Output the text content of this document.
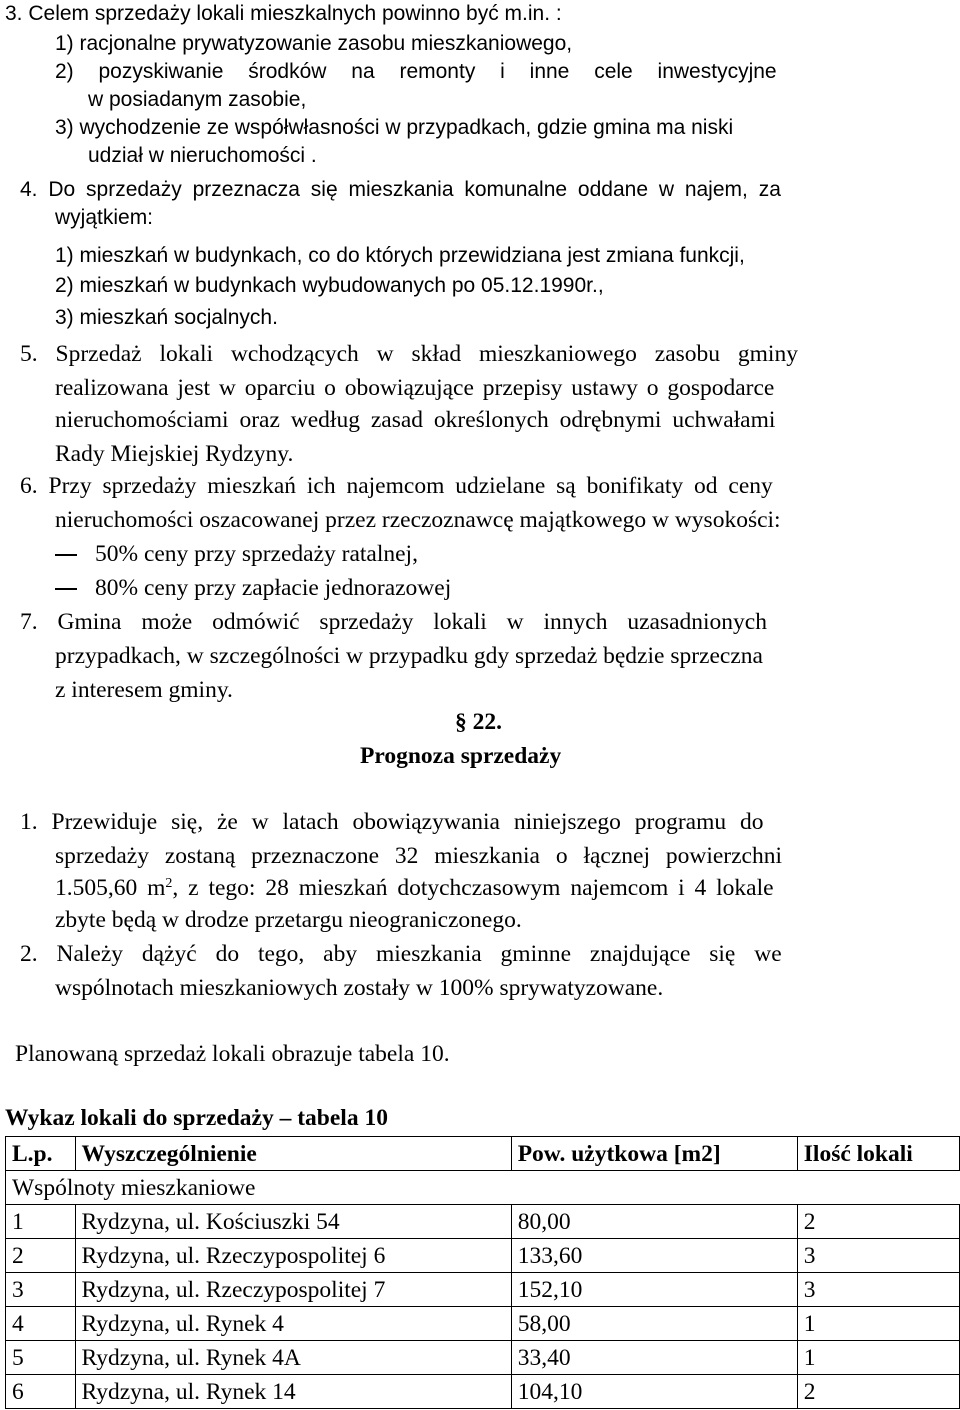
3. Celem sprzedaży lokali mieszkalnych powinno być m.in. :
1) racjonalne prywatyzowanie zasobu mieszkaniowego,
2) pozyskiwanie środków na remonty i inne cele inwestycyjne
w posiadanym zasobie,
3) wychodzenie ze współwłasności w przypadkach, gdzie gmina ma niski
udział w nieruchomości .
4. Do sprzedaży przeznacza się mieszkania komunalne oddane w najem, za
wyjątkiem:
1) mieszkań w budynkach, co do których przewidziana jest zmiana funkcji,
2) mieszkań w budynkach wybudowanych po 05.12.1990r.,
3) mieszkań socjalnych.
5. Sprzedaż lokali wchodzących w skład mieszkaniowego zasobu gminy
realizowana jest w oparciu o obowiązujące przepisy ustawy o gospodarce
nieruchomościami oraz według zasad określonych odrębnymi uchwałami
Rady Miejskiej Rydzyny.
6. Przy sprzedaży mieszkań ich najemcom udzielane są bonifikaty od ceny
nieruchomości oszacowanej przez rzeczoznawcę majątkowego w wysokości:
50% ceny przy sprzedaży ratalnej,
80% ceny przy zapłacie jednorazowej
7. Gmina może odmówić sprzedaży lokali w innych uzasadnionych
przypadkach, w szczególności w przypadku gdy sprzedaż będzie sprzeczna
z interesem gminy.
§ 22.
Prognoza sprzedaży
1. Przewiduje się, że w latach obowiązywania niniejszego programu do
sprzedaży zostaną przeznaczone 32 mieszkania o łącznej powierzchni
1.505,60 $m^2$, z tego: 28 mieszkań dotychczasowym najemcom i 4 lokale
zbyte będą w drodze przetargu nieograniczonego.
2. Należy dążyć do tego, aby mieszkania gminne znajdujące się we
wspólnotach mieszkaniowych zostały w 100% sprywatyzowane.
Planowaną sprzedaż lokali obrazuje tabela 10.
Wykaz lokali do sprzedaży – tabela 10
L.p.	Wyszczególnienie	Pow. użytkowa [m2]	Ilość lokali
Wspólnoty mieszkaniowe			
1	Rydzyna, ul. Kościuszki 54	80,00	2
2	Rydzyna, ul. Rzeczypospolitej 6	133,60	3
3	Rydzyna, ul. Rzeczypospolitej 7	152,10	3
4	Rydzyna, ul. Rynek 4	58,00	1
5	Rydzyna, ul. Rynek 4A	33,40	1
6	Rydzyna, ul. Rynek 14	104,10	2
